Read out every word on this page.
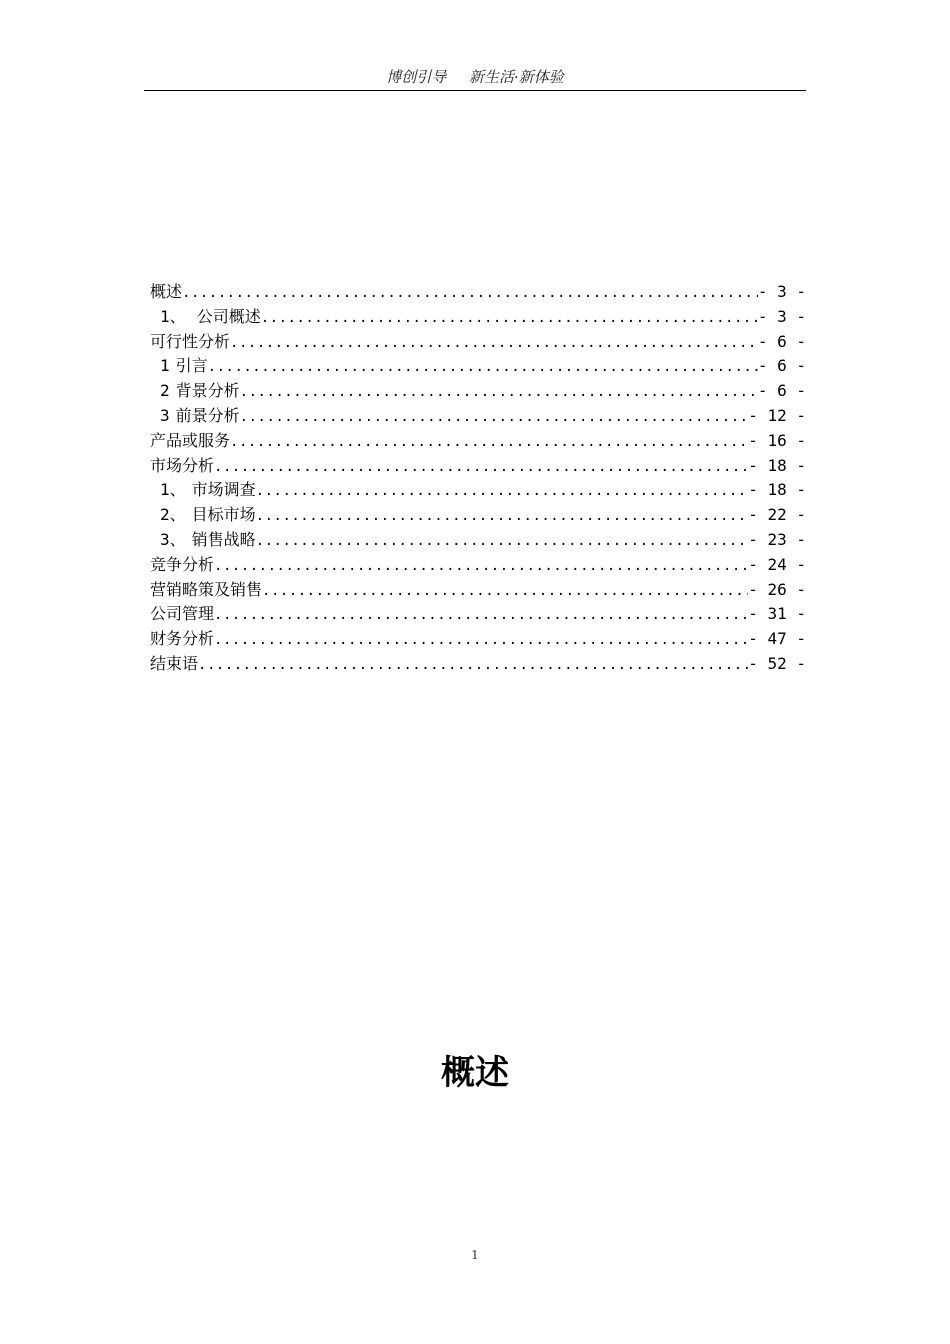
博创引导 新生活·新体验
概述 .....	- 3 -
1、 公司概述 .....	- 3 -
可行性分析 .....	- 6 -
1 引言 .....	- 6 -
2 背景分析 .....	- 6 -
3 前景分析 .....	- 12 -
产品或服务 .....	- 16 -
市场分析 .....	- 18 -
1、 市场调查 .....	- 18 -
2、 目标市场 .....	- 22 -
3、 销售战略 .....	- 23 -
竞争分析 .....	- 24 -
营销略策及销售 .....	- 26 -
公司管理 .....	- 31 -
财务分析 .....	- 47 -
结束语 .....	- 52 -
概述
1
